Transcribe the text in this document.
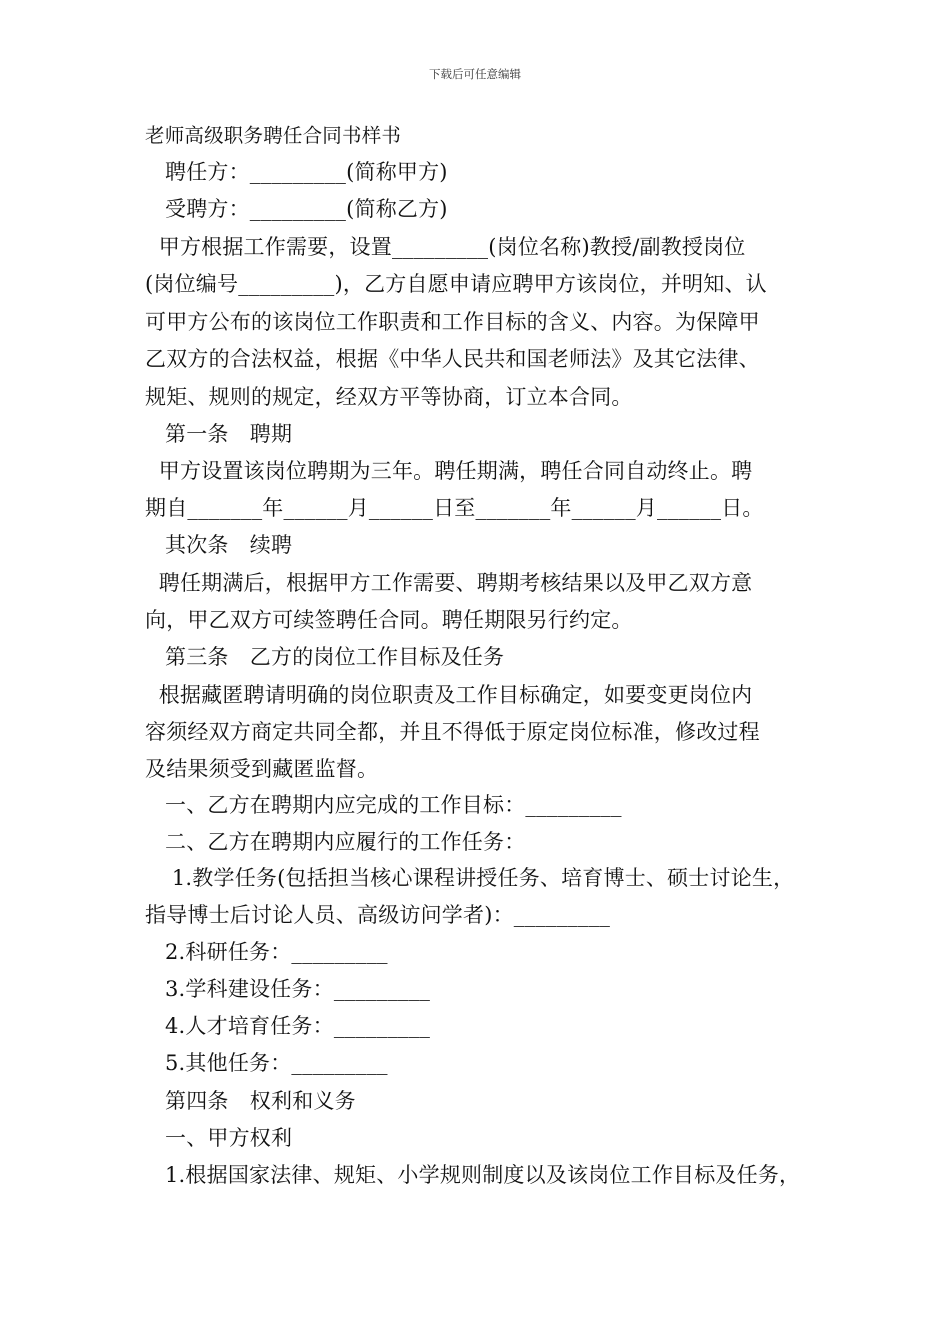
下载后可任意编辑
老师高级职务聘任合同书样书
聘任方：_________(简称甲方)
受聘方：_________(简称乙方)
甲方根据工作需要，设置_________(岗位名称)教授/副教授岗位
(岗位编号_________)，乙方自愿申请应聘甲方该岗位，并明知、认
可甲方公布的该岗位工作职责和工作目标的含义、内容。为保障甲
乙双方的合法权益，根据《中华人民共和国老师法》及其它法律、
规矩、规则的规定，经双方平等协商，订立本合同。
第一条　聘期
甲方设置该岗位聘期为三年。聘任期满，聘任合同自动终止。聘
期自_______年______月______日至_______年______月______日。
其次条　续聘
聘任期满后，根据甲方工作需要、聘期考核结果以及甲乙双方意
向，甲乙双方可续签聘任合同。聘任期限另行约定。
第三条　乙方的岗位工作目标及任务
根据藏匿聘请明确的岗位职责及工作目标确定，如要变更岗位内
容须经双方商定共同全都，并且不得低于原定岗位标准，修改过程
及结果须受到藏匿监督。
一、乙方在聘期内应完成的工作目标：_________
二、乙方在聘期内应履行的工作任务：
1.教学任务(包括担当核心课程讲授任务、培育博士、硕士讨论生，
指导博士后讨论人员、高级访问学者)：_________
2.科研任务：_________
3.学科建设任务：_________
4.人才培育任务：_________
5.其他任务：_________
第四条　权利和义务
一、甲方权利
1.根据国家法律、规矩、小学规则制度以及该岗位工作目标及任务，
